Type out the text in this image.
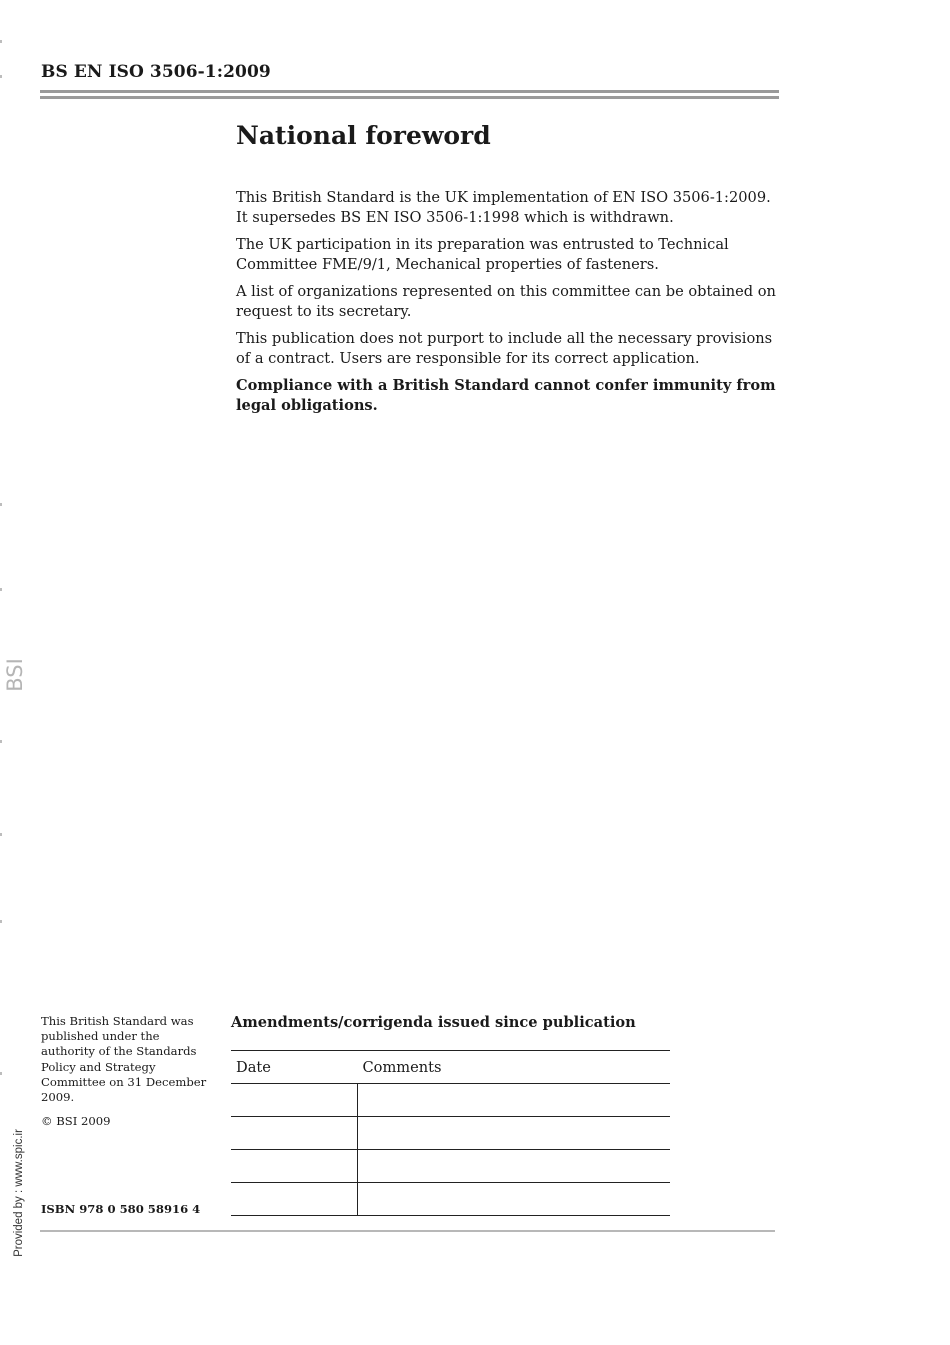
BS EN ISO 3506-1:2009
National foreword

This British Standard is the UK implementation of EN ISO 3506-1:2009. It supersedes BS EN ISO 3506-1:1998 which is withdrawn.

The UK participation in its preparation was entrusted to Technical Committee FME/9/1, Mechanical properties of fasteners.

A list of organizations represented on this committee can be obtained on request to its secretary.

This publication does not purport to include all the necessary provisions of a contract. Users are responsible for its correct application.

Compliance with a British Standard cannot confer immunity from legal obligations.

BSI
Provided by : www.spic.ir

This British Standard was published under the authority of the Standards Policy and Strategy Committee on 31 December 2009.

© BSI 2009

ISBN 978 0 580 58916 4
Amendments/corrigenda issued since publication
Date	Comments
